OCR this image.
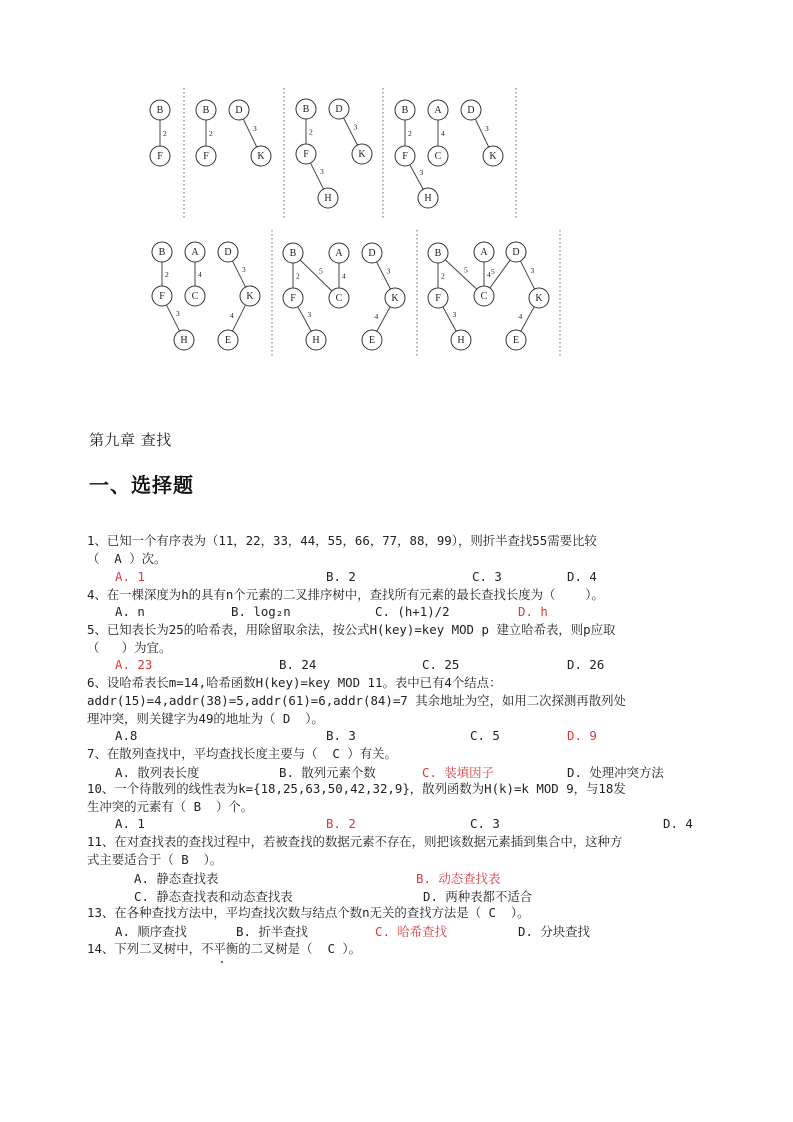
2
B
F
2
3
B
F
D
K
2
3
3
B
F
H
D
K
2
3
4
3
B
F
H
A
C
D
K
2
3
4
3
4
B
F
H
A
C
D
K
E
2
5
3
4
3
4
B
F
H
A
C
D
K
E
2
5
3
4 5	3
4
B
F
H
A
C
D
K
E
第九章 查找
一、选择题
1、已知一个有序表为（11，22，33，44，55，66，77，88，99），则折半查找55需要比较
（  A ）次。
A. 1	B. 2	C. 3	D. 4
4、在一棵深度为h的具有n个元素的二叉排序树中，查找所有元素的最长查找长度为（    ）。
A. n	B. log₂n	C. (h+1)/2	D. h
5、已知表长为25的哈希表，用除留取余法，按公式H(key)=key MOD p 建立哈希表，则p应取
（   ）为宜。
A. 23	B. 24	C. 25	D. 26
6、设哈希表长m=14,哈希函数H(key)=key MOD 11。表中已有4个结点：
addr(15)=4,addr(38)=5,addr(61)=6,addr(84)=7 其余地址为空，如用二次探测再散列处
理冲突，则关键字为49的地址为（ D  ）。
A.8	B. 3	C. 5	D. 9
7、在散列查找中，平均查找长度主要与（  C ）有关。
A. 散列表长度	B. 散列元素个数	C. 装填因子	D. 处理冲突方法
10、一个待散列的线性表为k={18,25,63,50,42,32,9}，散列函数为H(k)=k MOD 9，与18发
生冲突的元素有（ B  ）个。
A. 1	B. 2	C. 3	D. 4
11、在对查找表的查找过程中，若被查找的数据元素不存在，则把该数据元素插到集合中，这种方
式主要适合于（ B  ）。
A. 静态查找表	B. 动态查找表
C. 静态查找表和动态查找表	D. 两种表都不适合
13、在各种查找方法中，平均查找次数与结点个数n无关的查找方法是（ C  ）。
A. 顺序查找	B. 折半查找	C. 哈希查找	D. 分块查找
14、下列二叉树中，不平衡的二叉树是（  C ）。
